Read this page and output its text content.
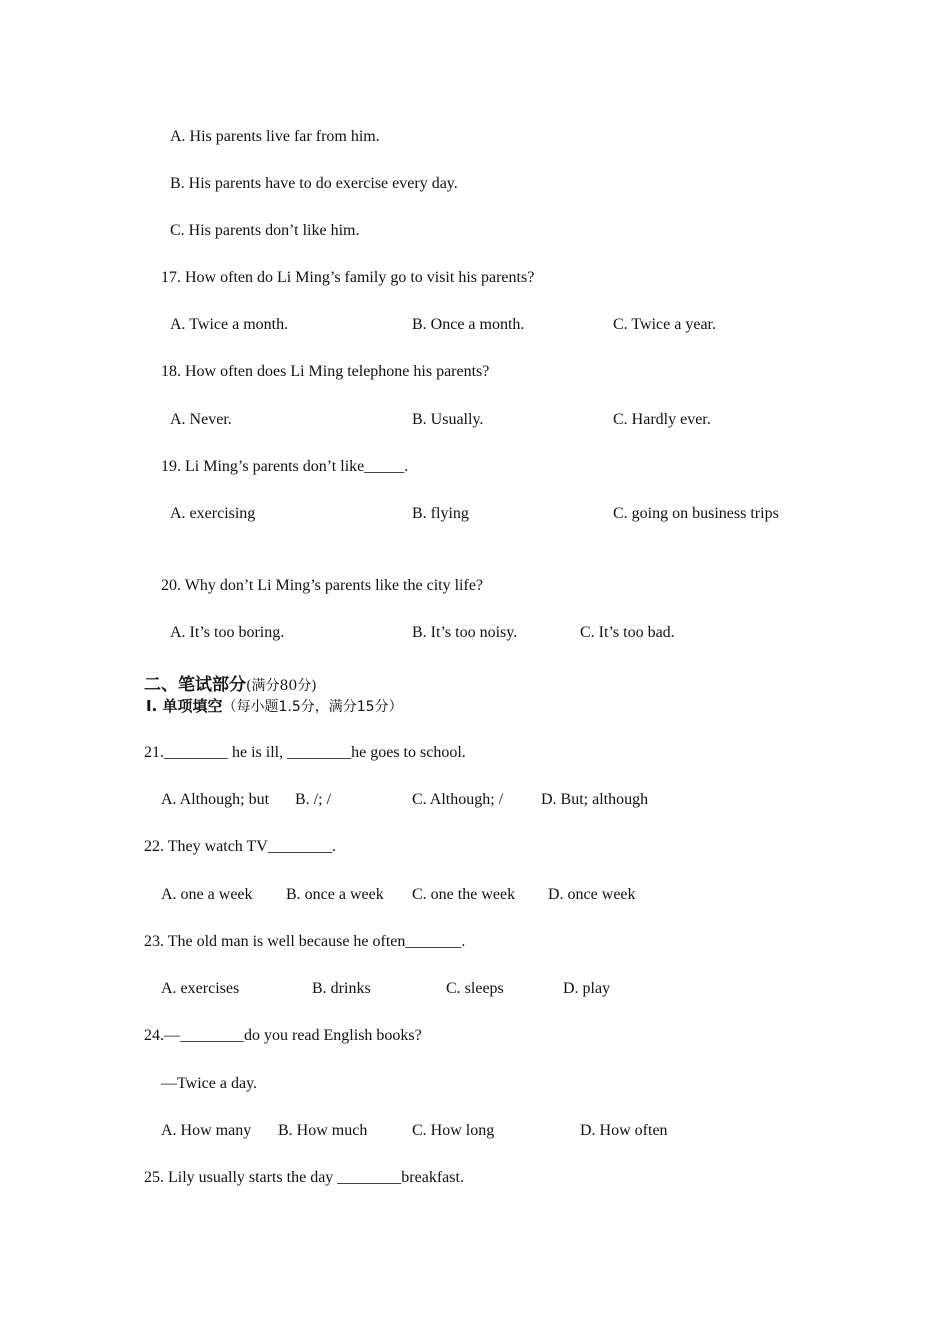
A. His parents live far from him.
B. His parents have to do exercise every day.
C. His parents don’t like him.
17. How often do Li Ming’s family go to visit his parents?
A. Twice a month.	B. Once a month.	C. Twice a year.
18. How often does Li Ming telephone his parents?
A. Never.	B. Usually.	C. Hardly ever.
19. Li Ming’s parents don’t like_____.
A. exercising	B. flying	C. going on business trips
20. Why don’t Li Ming’s parents like the city life?
A. It’s too boring.	B. It’s too noisy.	C. It’s too bad.
二、笔试部分(满分80分)
Ⅰ. 单项填空（每小题1.5分，满分15分）
21.________ he is ill, ________he goes to school.
A. Although; but B. /; /	C. Although; / D. But; although
22. They watch TV________.
A. one a week B. once a week C. one the week D. once week
23. The old man is well because he often_______.
A. exercises	B. drinks	C. sleeps	D. play
24.—________do you read English books?
—Twice a day.
A. How many B. How much	C. How long	D. How often
25. Lily usually starts the day ________breakfast.
